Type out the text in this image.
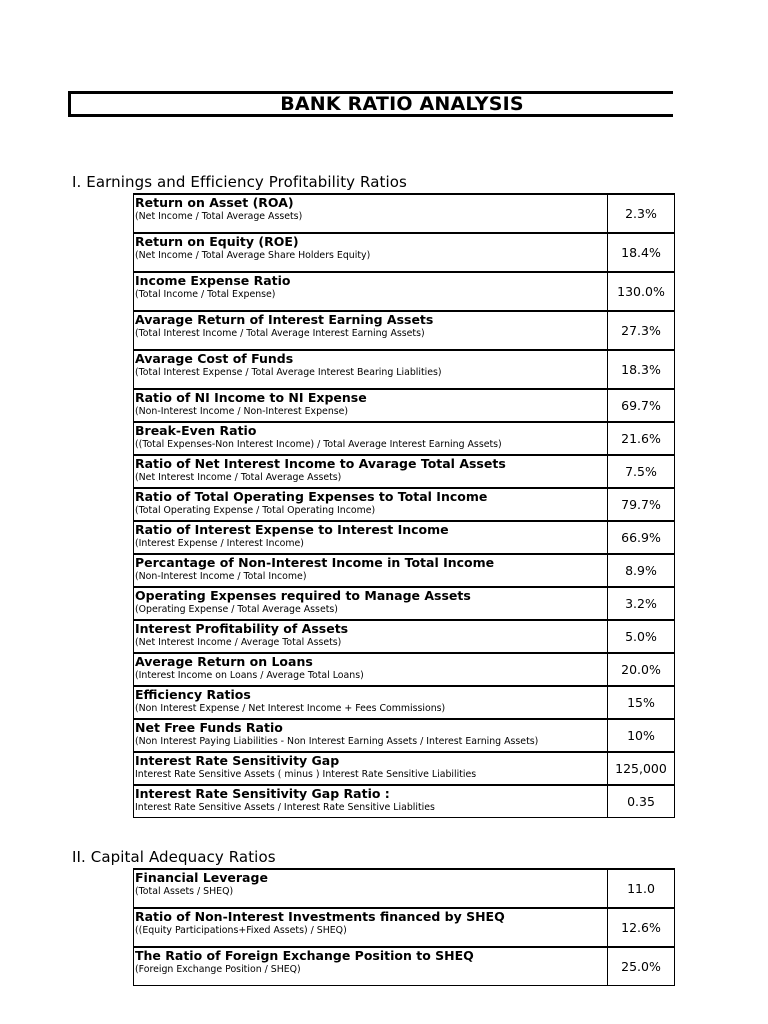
BANK RATIO ANALYSIS
I. Earnings and Efficiency Profitability Ratios
Return on Asset (ROA)
(Net Income / Total Average Assets)	2.3%

Return on Equity (ROE)
(Net Income / Total Average Share Holders Equity)	18.4%

Income Expense Ratio
(Total Income / Total Expense)	130.0%

Avarage Return of Interest Earning Assets
(Total Interest Income / Total Average Interest Earning Assets)	27.3%

Avarage Cost of Funds
(Total Interest Expense / Total Average Interest Bearing Liablities)	18.3%

Ratio of NI Income to NI Expense
(Non-Interest Income / Non-Interest Expense)	69.7%

Break-Even Ratio
((Total Expenses-Non Interest Income) / Total Average Interest Earning Assets)	21.6%

Ratio of Net Interest Income to Avarage Total Assets
(Net Interest Income / Total Average Assets)	7.5%

Ratio of Total Operating Expenses to Total Income
(Total Operating Expense / Total Operating Income)	79.7%

Ratio of Interest Expense to Interest Income
(Interest Expense / Interest Income)	66.9%

Percantage of Non-Interest Income in Total Income
(Non-Interest Income / Total Income)	8.9%

Operating Expenses required to Manage Assets
(Operating Expense / Total Average Assets)	3.2%

Interest Profitability of Assets
(Net Interest Income / Average Total Assets)	5.0%

Average Return on Loans
(Interest Income on Loans / Average Total Loans)	20.0%

Efficiency Ratios
(Non Interest Expense / Net Interest Income + Fees Commissions)	15%

Net Free Funds Ratio
(Non Interest Paying Liabilities - Non Interest Earning Assets / Interest Earning Assets)	10%

Interest Rate Sensitivity Gap
Interest Rate Sensitive Assets ( minus ) Interest Rate Sensitive Liabilities	125,000

Interest Rate Sensitivity Gap Ratio :
Interest Rate Sensitive Assets / Interest Rate Sensitive Liablities	0.35
II. Capital Adequacy Ratios
Financial Leverage
(Total Assets / SHEQ)	11.0

Ratio of Non-Interest Investments financed by SHEQ
((Equity Participations+Fixed Assets) / SHEQ)	12.6%

The Ratio of Foreign Exchange Position to SHEQ
(Foreign Exchange Position / SHEQ)	25.0%
